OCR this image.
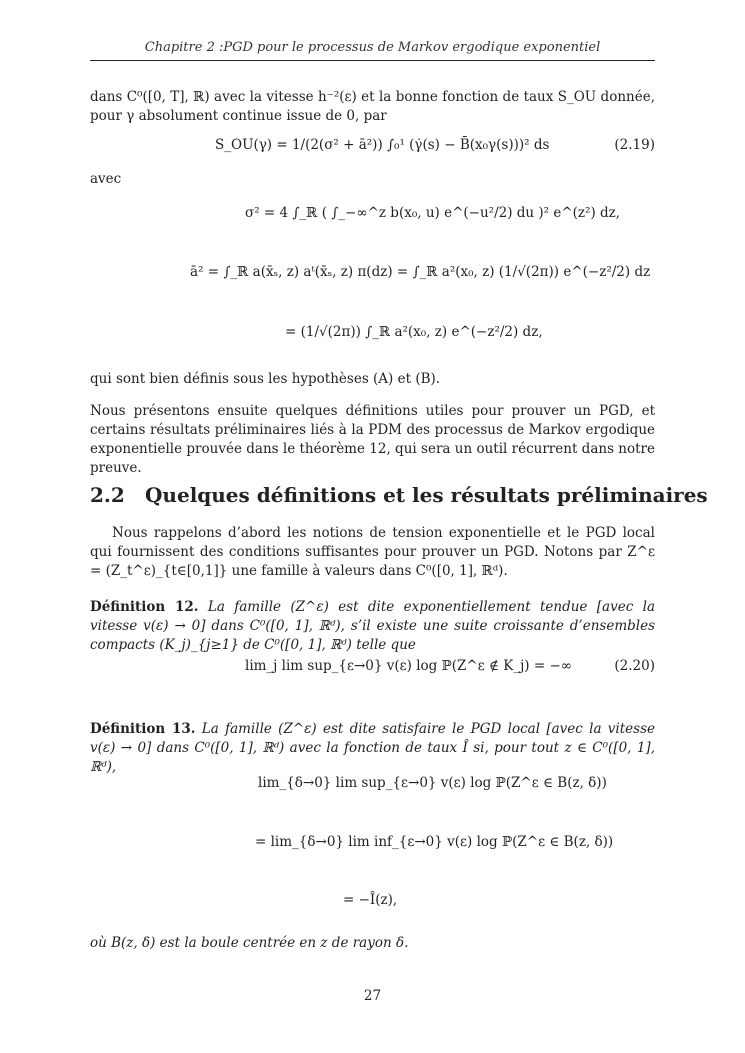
Chapitre 2 :PGD pour le processus de Markov ergodique exponentiel
dans C⁰([0, T], ℝ) avec la vitesse h⁻²(ε) et la bonne fonction de taux S_OU donnée, pour γ absolument continue issue de 0, par
S_OU(γ) = 1/(2(σ² + ā²)) ∫₀¹ (γ̇(s) − B̄(x₀γ(s)))² ds	(2.19)
avec
σ² = 4 ∫_ℝ ( ∫_−∞^z b(x₀, u) e^(−u²/2) du )² e^(z²) dz,
ā² = ∫_ℝ a(x̄ₛ, z) aᵗ(x̄ₛ, z) π(dz) = ∫_ℝ a²(x₀, z) (1/√(2π)) e^(−z²/2) dz
= (1/√(2π)) ∫_ℝ a²(x₀, z) e^(−z²/2) dz,
qui sont bien définis sous les hypothèses (A) et (B).
Nous présentons ensuite quelques définitions utiles pour prouver un PGD, et certains résultats préliminaires liés à la PDM des processus de Markov ergodique exponentielle prouvée dans le théorème 12, qui sera un outil récurrent dans notre preuve.
2.2 Quelques définitions et les résultats préliminaires
Nous rappelons d’abord les notions de tension exponentielle et le PGD local qui fournissent des conditions suffisantes pour prouver un PGD. Notons par Z^ε = (Z_t^ε)_{t∈[0,1]} une famille à valeurs dans C⁰([0, 1], ℝᵈ).
Définition 12. La famille (Z^ε) est dite exponentiellement tendue [avec la vitesse v(ε) → 0] dans C⁰([0, 1], ℝᵈ), s’il existe une suite croissante d’ensembles compacts (K_j)_{j≥1} de C⁰([0, 1], ℝᵈ) telle que
lim_j lim sup_{ε→0} v(ε) log ℙ(Z^ε ∉ K_j) = −∞	(2.20)
Définition 13. La famille (Z^ε) est dite satisfaire le PGD local [avec la vitesse v(ε) → 0] dans C⁰([0, 1], ℝᵈ) avec la fonction de taux Î si, pour tout z ∈ C⁰([0, 1], ℝᵈ),
lim_{δ→0} lim sup_{ε→0} v(ε) log ℙ(Z^ε ∈ B(z, δ))
= lim_{δ→0} lim inf_{ε→0} v(ε) log ℙ(Z^ε ∈ B(z, δ))
= −Î(z),
où B(z, δ) est la boule centrée en z de rayon δ.
27
